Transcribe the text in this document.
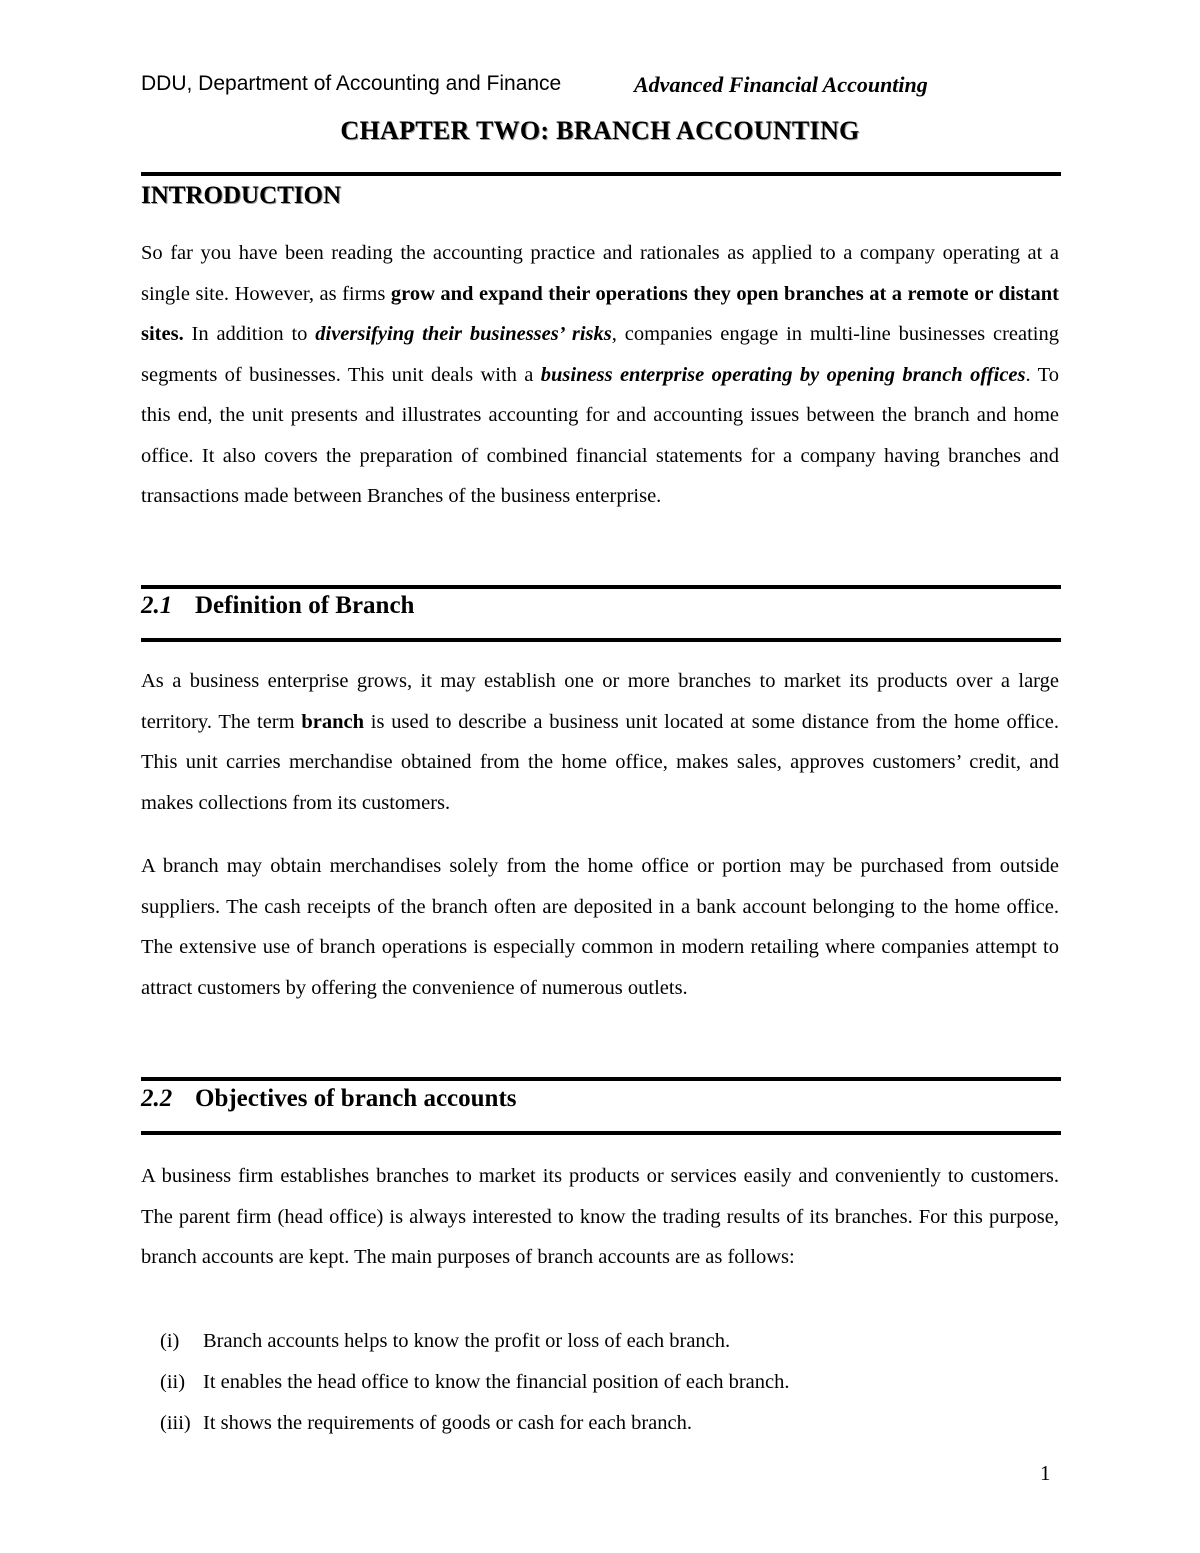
DDU, Department of Accounting and Finance	Advanced Financial Accounting
CHAPTER TWO: BRANCH ACCOUNTING
INTRODUCTION

So far you have been reading the accounting practice and rationales as applied to a company operating at a single site. However, as firms grow and expand their operations they open branches at a remote or distant sites. In addition to diversifying their businesses’ risks, companies engage in multi-line businesses creating segments of businesses. This unit deals with a business enterprise operating by opening branch offices. To this end, the unit presents and illustrates accounting for and accounting issues between the branch and home office. It also covers the preparation of combined financial statements for a company having branches and transactions made between Branches of the business enterprise.

2.1 Definition of Branch

As a business enterprise grows, it may establish one or more branches to market its products over a large territory. The term branch is used to describe a business unit located at some distance from the home office. This unit carries merchandise obtained from the home office, makes sales, approves customers’ credit, and makes collections from its customers.

A branch may obtain merchandises solely from the home office or portion may be purchased from outside suppliers. The cash receipts of the branch often are deposited in a bank account belonging to the home office. The extensive use of branch operations is especially common in modern retailing where companies attempt to attract customers by offering the convenience of numerous outlets.

2.2 Objectives of branch accounts

A business firm establishes branches to market its products or services easily and conveniently to customers. The parent firm (head office) is always interested to know the trading results of its branches. For this purpose, branch accounts are kept. The main purposes of branch accounts are as follows:

(i) Branch accounts helps to know the profit or loss of each branch.
(ii) It enables the head office to know the financial position of each branch.
(iii) It shows the requirements of goods or cash for each branch.
1
